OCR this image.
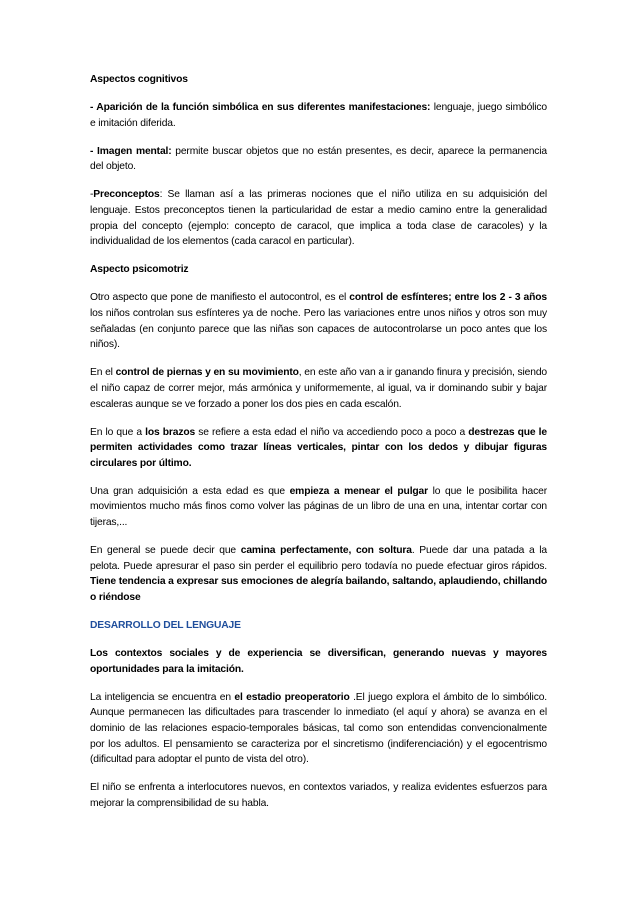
Aspectos cognitivos

- Aparición de la función simbólica en sus diferentes manifestaciones: lenguaje, juego simbólico e imitación diferida.

- Imagen mental: permite buscar objetos que no están presentes, es decir, aparece la permanencia del objeto.

-Preconceptos: Se llaman así a las primeras nociones que el niño utiliza en su adquisición del lenguaje. Estos preconceptos tienen la particularidad de estar a medio camino entre la generalidad propia del concepto (ejemplo: concepto de caracol, que implica a toda clase de caracoles) y la individualidad de los elementos (cada caracol en particular).

Aspecto psicomotriz

Otro aspecto que pone de manifiesto el autocontrol, es el control de esfínteres; entre los 2 - 3 años los niños controlan sus esfínteres ya de noche. Pero las variaciones entre unos niños y otros son muy señaladas (en conjunto parece que las niñas son capaces de autocontrolarse un poco antes que los niños).

En el control de piernas y en su movimiento, en este año van a ir ganando finura y precisión, siendo el niño capaz de correr mejor, más armónica y uniformemente, al igual, va ir dominando subir y bajar escaleras aunque se ve forzado a poner los dos pies en cada escalón.

En lo que a los brazos se refiere a esta edad el niño va accediendo poco a poco a destrezas que le permiten actividades como trazar líneas verticales, pintar con los dedos y dibujar figuras circulares por último.

Una gran adquisición a esta edad es que empieza a menear el pulgar lo que le posibilita hacer movimientos mucho más finos como volver las páginas de un libro de una en una, intentar cortar con tijeras,...

En general se puede decir que camina perfectamente, con soltura. Puede dar una patada a la pelota. Puede apresurar el paso sin perder el equilibrio pero todavía no puede efectuar giros rápidos. Tiene tendencia a expresar sus emociones de alegría bailando, saltando, aplaudiendo, chillando o riéndose

DESARROLLO DEL LENGUAJE

Los contextos sociales y de experiencia se diversifican, generando nuevas y mayores oportunidades para la imitación.

La inteligencia se encuentra en el estadio preoperatorio .El juego explora el ámbito de lo simbólico. Aunque permanecen las dificultades para trascender lo inmediato (el aquí y ahora) se avanza en el dominio de las relaciones espacio-temporales básicas, tal como son entendidas convencionalmente por los adultos. El pensamiento se caracteriza por el sincretismo (indiferenciación) y el egocentrismo (dificultad para adoptar el punto de vista del otro).

El niño se enfrenta a interlocutores nuevos, en contextos variados, y realiza evidentes esfuerzos para mejorar la comprensibilidad de su habla.
